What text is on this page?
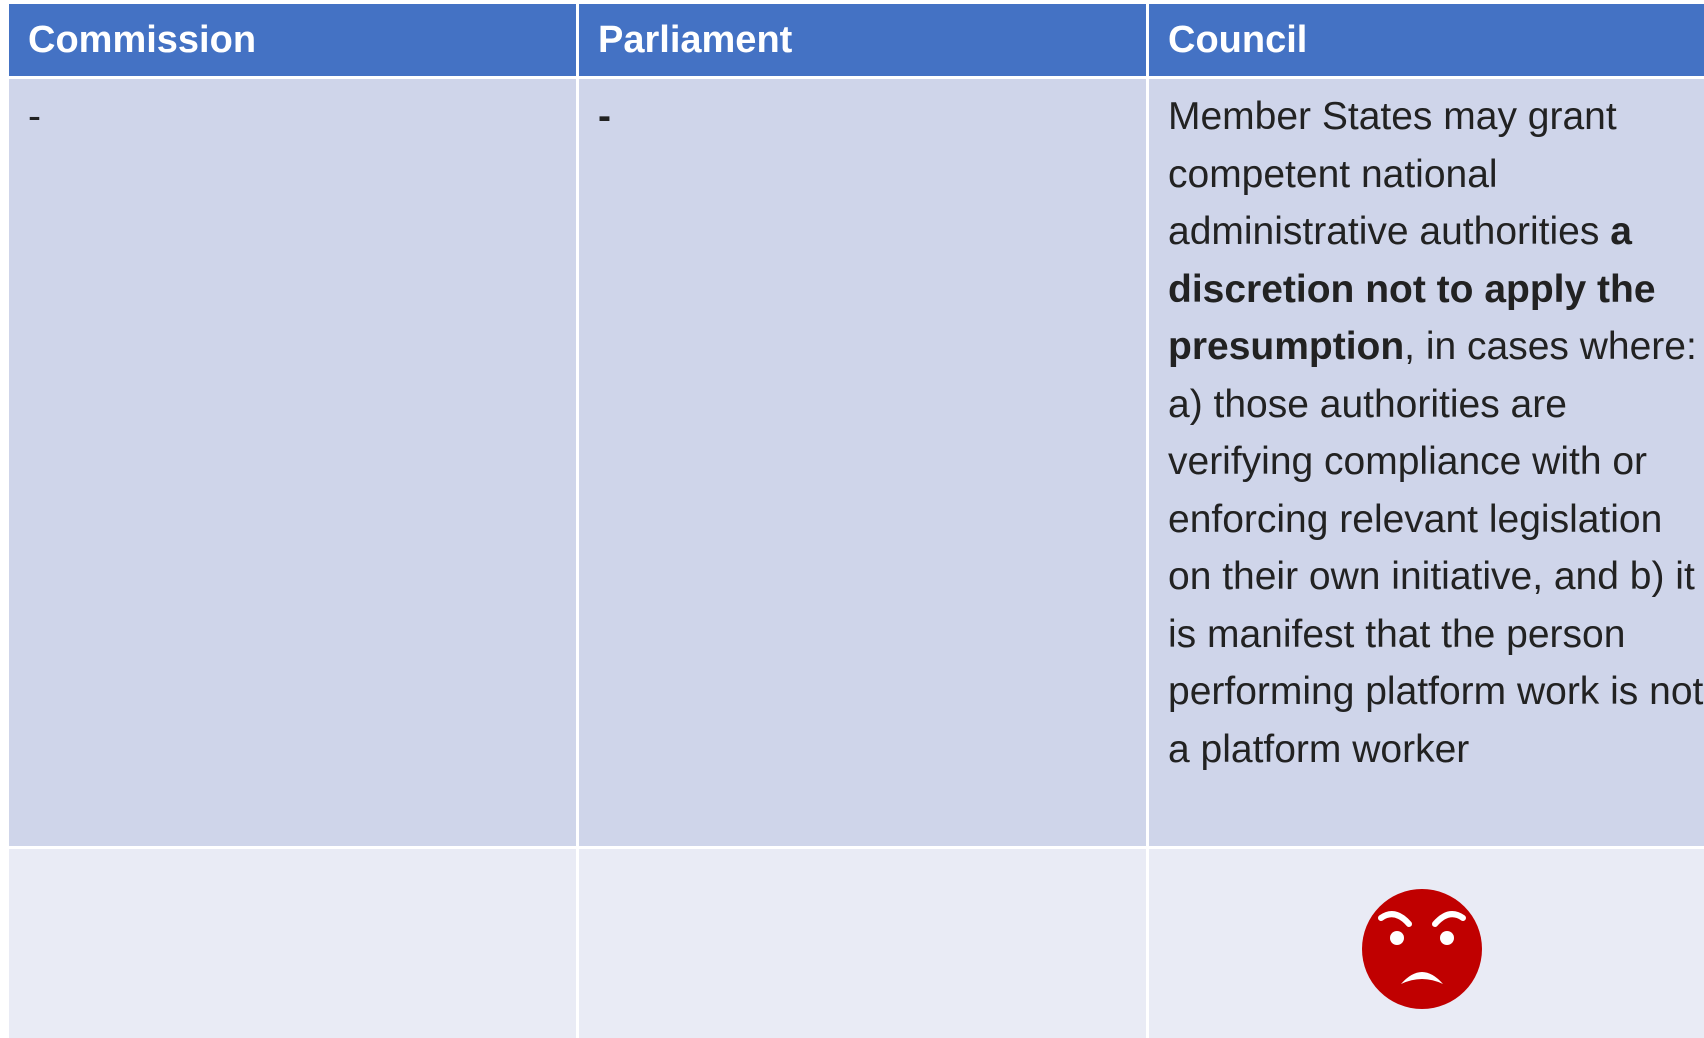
Commission	Parliament	Council
-	-	Member States may grant competent national administrative authorities a discretion not to apply the presumption, in cases where: a) those authorities are verifying compliance with or enforcing relevant legislation on their own initiative, and b) it is manifest that the person performing platform work is not a platform worker
